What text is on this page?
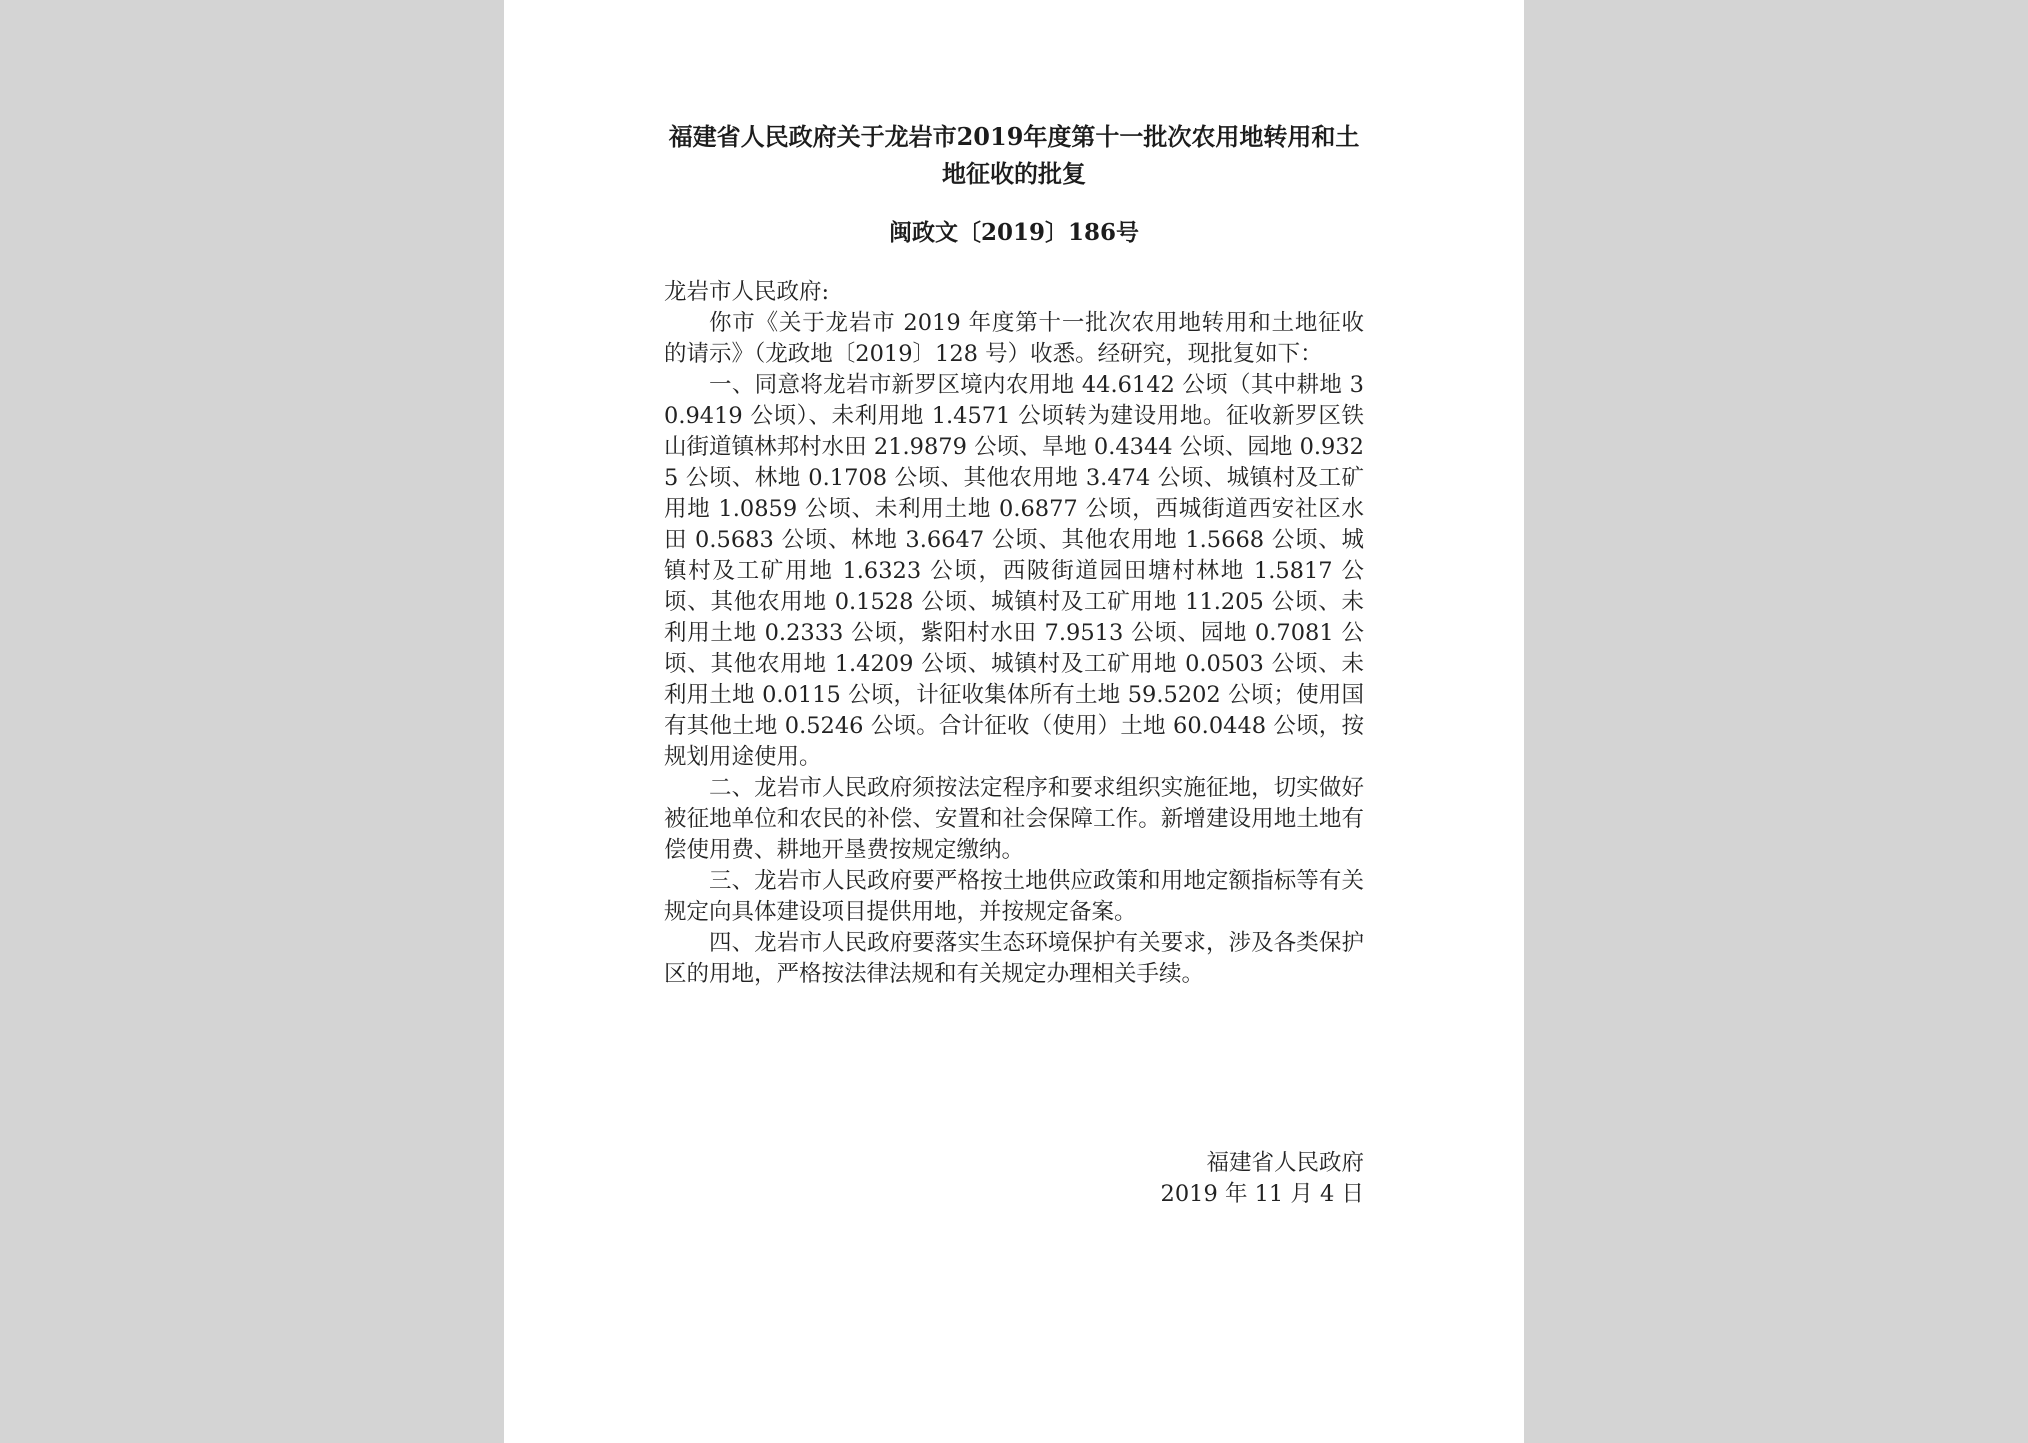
福建省人民政府关于龙岩市2019年度第十一批次农用地转用和土地征收的批复
闽政文〔2019〕186号

龙岩市人民政府:

你市《关于龙岩市 2019 年度第十一批次农用地转用和土地征收的请示》（龙政地〔2019〕128 号）收悉。经研究，现批复如下：

一、同意将龙岩市新罗区境内农用地 44.6142 公顷（其中耕地 30.9419 公顷）、未利用地 1.4571 公顷转为建设用地。征收新罗区铁山街道镇林邦村水田 21.9879 公顷、旱地 0.4344 公顷、园地 0.9325 公顷、林地 0.1708 公顷、其他农用地 3.474 公顷、城镇村及工矿用地 1.0859 公顷、未利用土地 0.6877 公顷，西城街道西安社区水田 0.5683 公顷、林地 3.6647 公顷、其他农用地 1.5668 公顷、城镇村及工矿用地 1.6323 公顷，西陂街道园田塘村林地 1.5817 公顷、其他农用地 0.1528 公顷、城镇村及工矿用地 11.205 公顷、未利用土地 0.2333 公顷，紫阳村水田 7.9513 公顷、园地 0.7081 公顷、其他农用地 1.4209 公顷、城镇村及工矿用地 0.0503 公顷、未利用土地 0.0115 公顷，计征收集体所有土地 59.5202 公顷；使用国有其他土地 0.5246 公顷。合计征收（使用）土地 60.0448 公顷，按规划用途使用。

二、龙岩市人民政府须按法定程序和要求组织实施征地，切实做好被征地单位和农民的补偿、安置和社会保障工作。新增建设用地土地有偿使用费、耕地开垦费按规定缴纳。

三、龙岩市人民政府要严格按土地供应政策和用地定额指标等有关规定向具体建设项目提供用地，并按规定备案。

四、龙岩市人民政府要落实生态环境保护有关要求，涉及各类保护区的用地，严格按法律法规和有关规定办理相关手续。

福建省人民政府
2019 年 11 月 4 日
